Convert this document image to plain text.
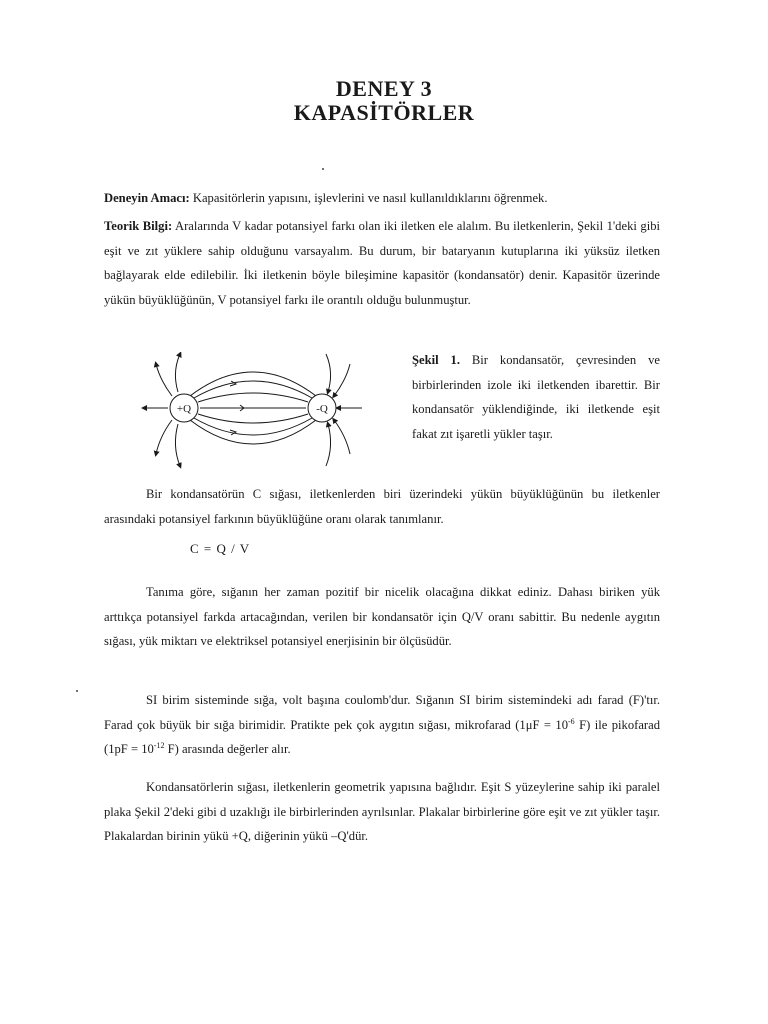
DENEY 3
KAPASİTÖRLER
Deneyin Amacı: Kapasitörlerin yapısını, işlevlerini ve nasıl kullanıldıklarını öğrenmek.
Teorik Bilgi: Aralarında V kadar potansiyel farkı olan iki iletken ele alalım. Bu iletkenlerin, Şekil 1'deki gibi eşit ve zıt yüklere sahip olduğunu varsayalım. Bu durum, bir bataryanın kutuplarına iki yüksüz iletken bağlayarak elde edilebilir. İki iletkenin böyle bileşimine kapasitör (kondansatör) denir. Kapasitör üzerinde yükün büyüklüğünün, V potansiyel farkı ile orantılı olduğu bulunmuştur.
+Q	-Q
Şekil 1. Bir kondansatör, çevresinden ve birbirlerinden izole iki iletkenden ibarettir. Bir kondansatör yüklendiğinde, iki iletkende eşit fakat zıt işaretli yükler taşır.
Bir kondansatörün C sığası, iletkenlerden biri üzerindeki yükün büyüklüğünün bu iletkenler arasındaki potansiyel farkının büyüklüğüne oranı olarak tanımlanır.
C = Q / V
Tanıma göre, sığanın her zaman pozitif bir nicelik olacağına dikkat ediniz. Dahası biriken yük arttıkça potansiyel farkda artacağından, verilen bir kondansatör için Q/V oranı sabittir. Bu nedenle aygıtın sığası, yük miktarı ve elektriksel potansiyel enerjisinin bir ölçüsüdür.
SI birim sisteminde sığa, volt başına coulomb'dur. Sığanın SI birim sistemindeki adı farad (F)'tır. Farad çok büyük bir sığa birimidir. Pratikte pek çok aygıtın sığası, mikrofarad ($1\mu F = 10^{-6}$ F) ile pikofarad ($1pF = 10^{-12}$ F) arasında değerler alır.
Kondansatörlerin sığası, iletkenlerin geometrik yapısına bağlıdır. Eşit S yüzeylerine sahip iki paralel plaka Şekil 2'deki gibi d uzaklığı ile birbirlerinden ayrılsınlar. Plakalar birbirlerine göre eşit ve zıt yükler taşır. Plakalardan birinin yükü +Q, diğerinin yükü –Q'dür.
